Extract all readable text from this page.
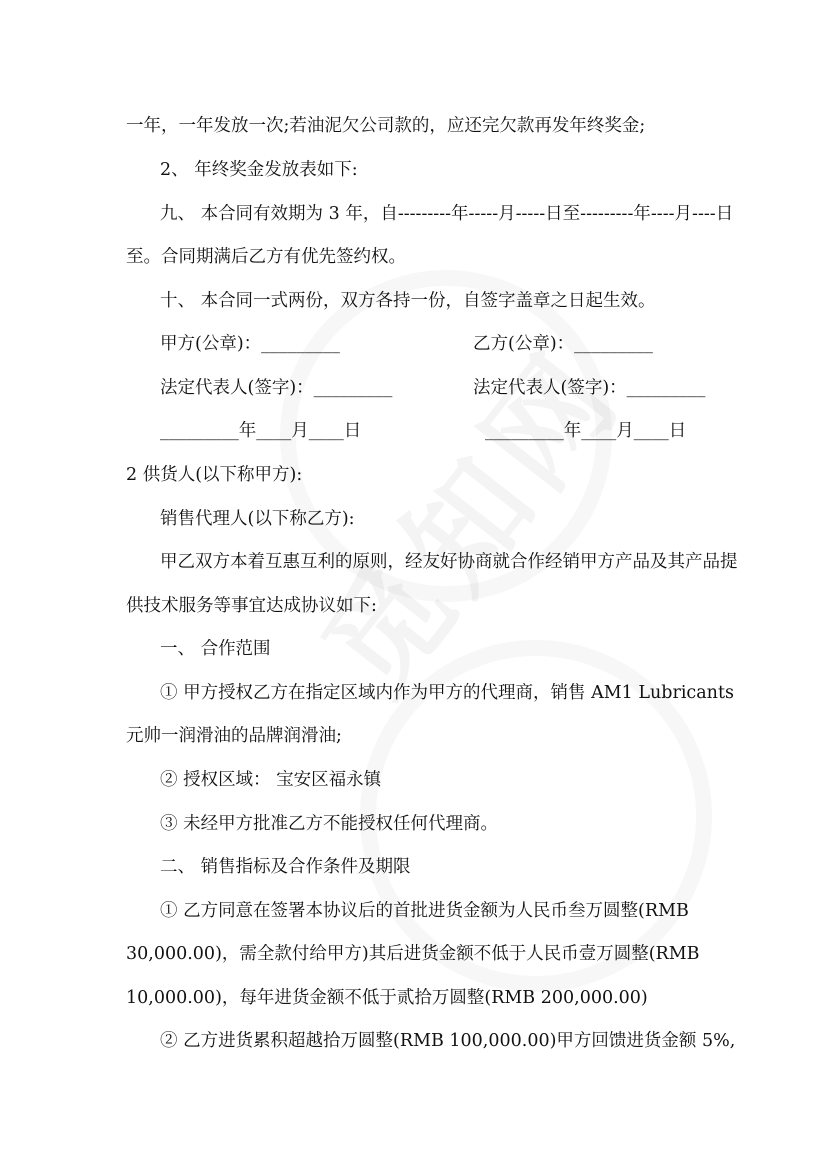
一年，一年发放一次;若油泥欠公司款的，应还完欠款再发年终奖金;
2、 年终奖金发放表如下:
九、 本合同有效期为 3 年，自---------年-----月-----日至---------年----月----日
至。合同期满后乙方有优先签约权。
十、 本合同一式两份，双方各持一份，自签字盖章之日起生效。
甲方(公章)：_________	乙方(公章)：_________
法定代表人(签字)：_________	法定代表人(签字)：_________
_________年____月____日	_________年____月____日
2 供货人(以下称甲方):
销售代理人(以下称乙方):
甲乙双方本着互惠互利的原则，经友好协商就合作经销甲方产品及其产品提
供技术服务等事宜达成协议如下:
一、 合作范围
① 甲方授权乙方在指定区域内作为甲方的代理商，销售 AM1 Lubricants
元帅一润滑油的品牌润滑油;
② 授权区域： 宝安区福永镇
③ 未经甲方批准乙方不能授权任何代理商。
二、 销售指标及合作条件及期限
① 乙方同意在签署本协议后的首批进货金额为人民币叁万圆整(RMB
30,000.00)，需全款付给甲方)其后进货金额不低于人民币壹万圆整(RMB
10,000.00)，每年进货金额不低于贰拾万圆整(RMB 200,000.00)
② 乙方进货累积超越拾万圆整(RMB 100,000.00)甲方回馈进货金额 5%,
